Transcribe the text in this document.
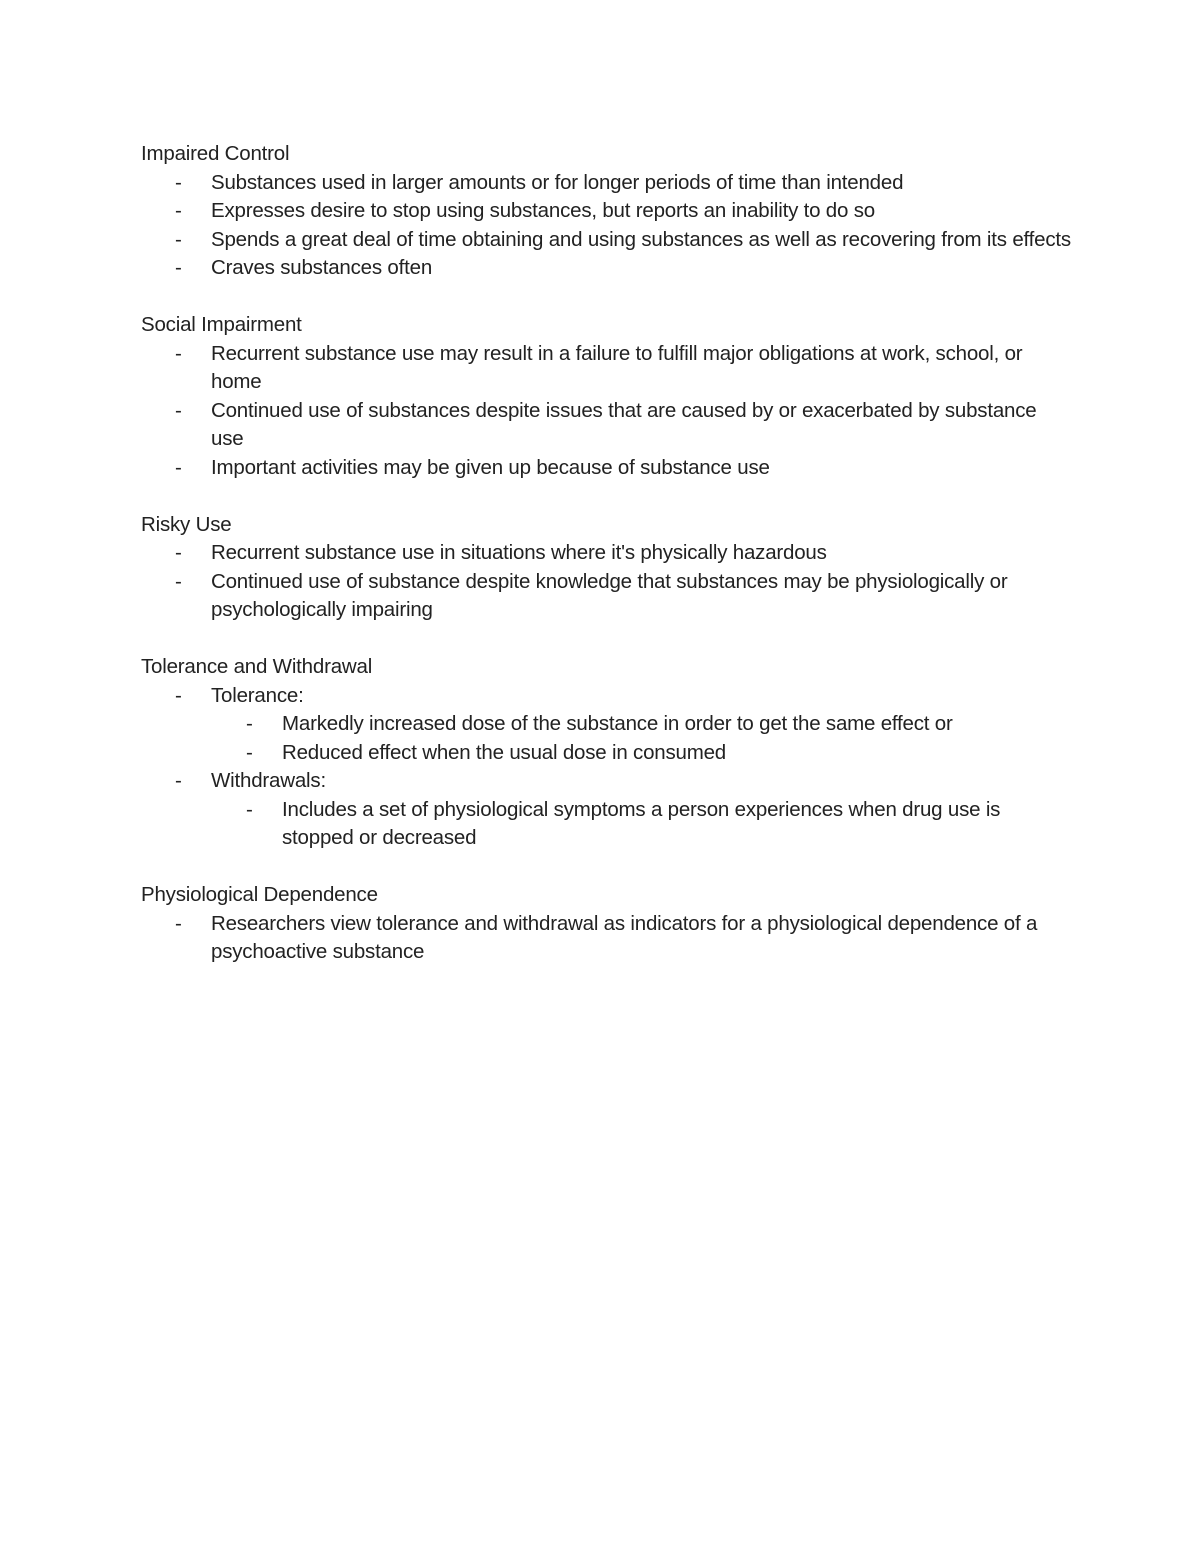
Impaired Control

- Substances used in larger amounts or for longer periods of time than intended
- Expresses desire to stop using substances, but reports an inability to do so
- Spends a great deal of time obtaining and using substances as well as recovering from its effects
- Craves substances often

Social Impairment

- Recurrent substance use may result in a failure to fulfill major obligations at work, school, or home
- Continued use of substances despite issues that are caused by or exacerbated by substance use
- Important activities may be given up because of substance use

Risky Use

- Recurrent substance use in situations where it's physically hazardous
- Continued use of substance despite knowledge that substances may be physiologically or psychologically impairing

Tolerance and Withdrawal

- Tolerance:
- Markedly increased dose of the substance in order to get the same effect or
- Reduced effect when the usual dose in consumed
- Withdrawals:
- Includes a set of physiological symptoms a person experiences when drug use is stopped or decreased

Physiological Dependence

- Researchers view tolerance and withdrawal as indicators for a physiological dependence of a psychoactive substance
